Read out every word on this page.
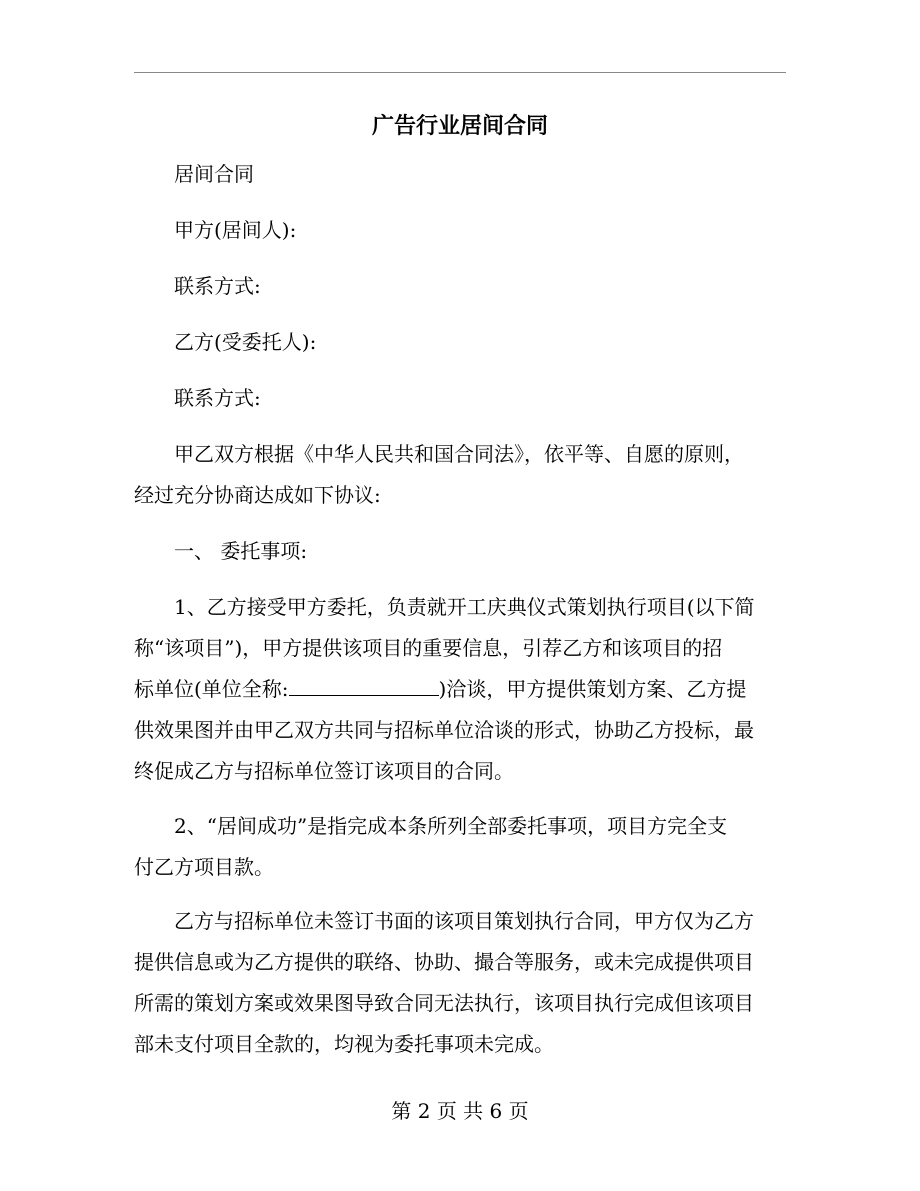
广告行业居间合同
居间合同
甲方(居间人):
联系方式:
乙方(受委托人):
联系方式:
甲乙双方根据《中华人民共和国合同法》，依平等、自愿的原则，
经过充分协商达成如下协议:
一、 委托事项:
1、乙方接受甲方委托，负责就开工庆典仪式策划执行项目(以下简
称“该项目”)，甲方提供该项目的重要信息，引荐乙方和该项目的招
标单位(单位全称:	)洽谈，甲方提供策划方案、乙方提
供效果图并由甲乙双方共同与招标单位洽谈的形式，协助乙方投标，最
终促成乙方与招标单位签订该项目的合同。
2、“居间成功”是指完成本条所列全部委托事项，项目方完全支
付乙方项目款。
乙方与招标单位未签订书面的该项目策划执行合同，甲方仅为乙方
提供信息或为乙方提供的联络、协助、撮合等服务，或未完成提供项目
所需的策划方案或效果图导致合同无法执行，该项目执行完成但该项目
部未支付项目全款的，均视为委托事项未完成。
第 2 页 共 6 页
